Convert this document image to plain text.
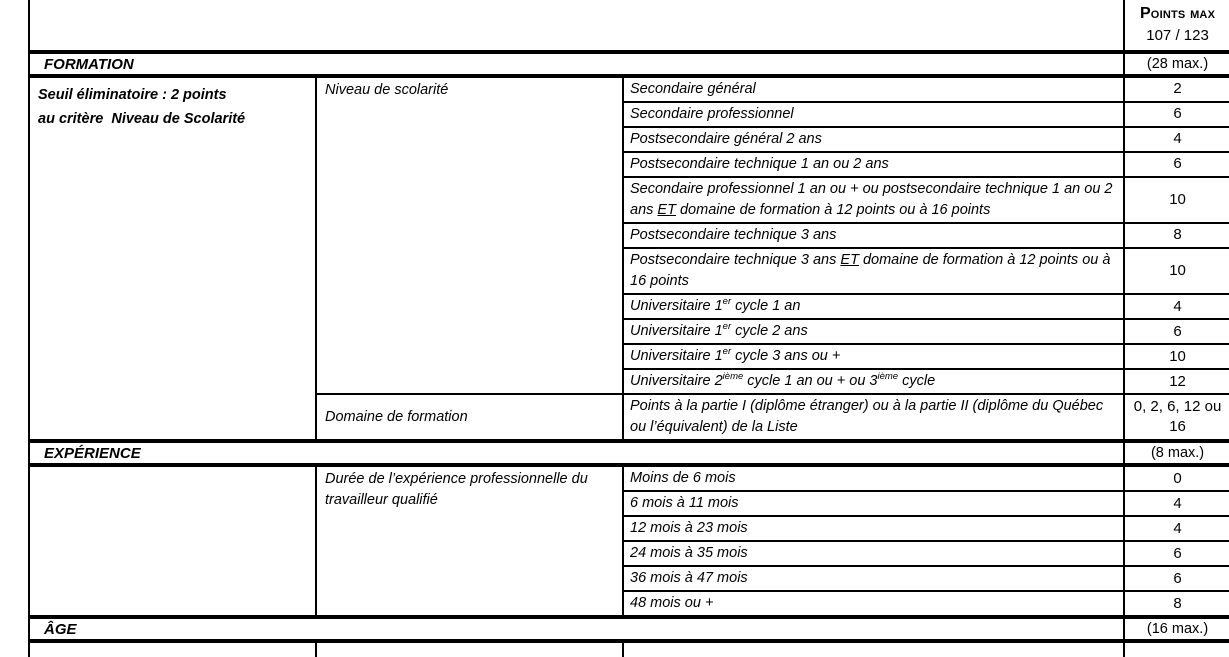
			Points max
107 / 123

FORMATION			(28 max.)

Seuil éliminatoire : 2 points
au critère  Niveau de Scolarité	Niveau de scolarité	Secondaire général	2
		Secondaire professionnel	6
		Postsecondaire général 2 ans	4
		Postsecondaire technique 1 an ou 2 ans	6
		Secondaire professionnel 1 an ou + ou postsecondaire technique 1 an ou 2 ans ET domaine de formation à 12 points ou à 16 points	10
		Postsecondaire technique 3 ans	8
		Postsecondaire technique 3 ans ET domaine de formation à 12 points ou à 16 points	10
		Universitaire 1er cycle 1 an	4
		Universitaire 1er cycle 2 ans	6
		Universitaire 1er cycle 3 ans ou +	10
		Universitaire 2ième cycle 1 an ou + ou 3ième cycle	12
	Domaine de formation	Points à la partie I (diplôme étranger) ou à la partie II (diplôme du Québec ou l’équivalent) de la Liste	0, 2, 6, 12 ou 16
EXPÉRIENCE			(8 max.)
	Durée de l’expérience professionnelle du travailleur qualifié	Moins de 6 mois	0
		6 mois à 11 mois	4
		12 mois à 23 mois	4
		24 mois à 35 mois	6
		36 mois à 47 mois	6
		48 mois ou +	8
ÂGE			(16 max.)
